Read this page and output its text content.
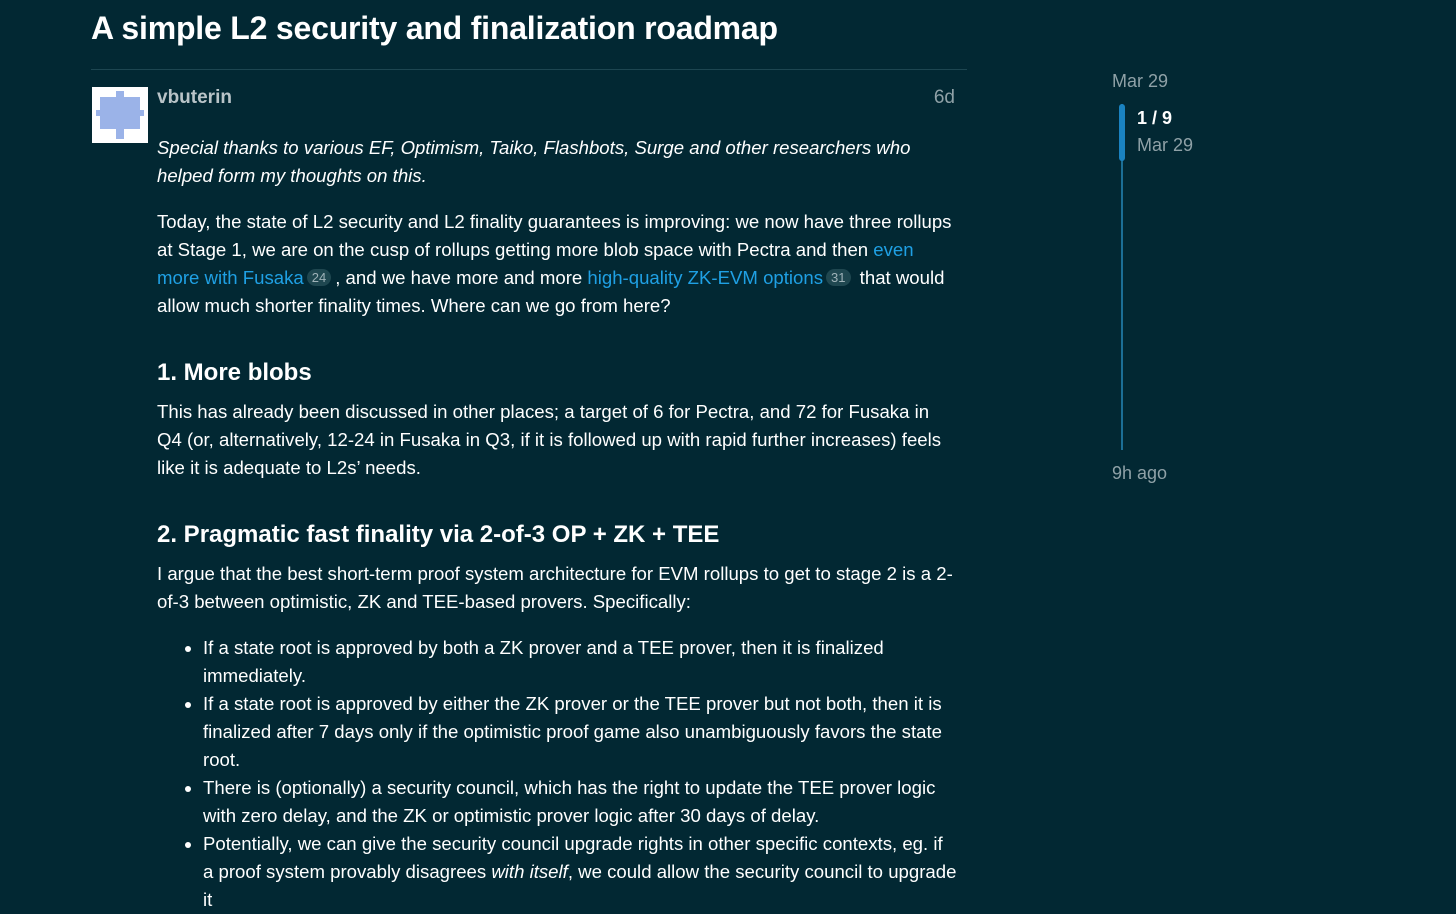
A simple L2 security and finalization roadmap
vbuterin	6d

Special thanks to various EF, Optimism, Taiko, Flashbots, Surge and other researchers who helped form my thoughts on this.

Today, the state of L2 security and L2 finality guarantees is improving: we now have three rollups at Stage 1, we are on the cusp of rollups getting more blob space with Pectra and then even more with Fusaka 24 , and we have more and more high-quality ZK-EVM options 31 that would allow much shorter finality times. Where can we go from here?

1. More blobs

This has already been discussed in other places; a target of 6 for Pectra, and 72 for Fusaka in Q4 (or, alternatively, 12-24 in Fusaka in Q3, if it is followed up with rapid further increases) feels like it is adequate to L2s’ needs.

2. Pragmatic fast finality via 2-of-3 OP + ZK + TEE

I argue that the best short-term proof system architecture for EVM rollups to get to stage 2 is a 2-of-3 between optimistic, ZK and TEE-based provers. Specifically:

• If a state root is approved by both a ZK prover and a TEE prover, then it is finalized immediately.
• If a state root is approved by either the ZK prover or the TEE prover but not both, then it is finalized after 7 days only if the optimistic proof game also unambiguously favors the state root.
• There is (optionally) a security council, which has the right to update the TEE prover logic with zero delay, and the ZK or optimistic prover logic after 30 days of delay.
• Potentially, we can give the security council upgrade rights in other specific contexts, eg. if a proof system provably disagrees with itself, we could allow the security council to upgrade it
Mar 29
1 / 9
Mar 29
9h ago
